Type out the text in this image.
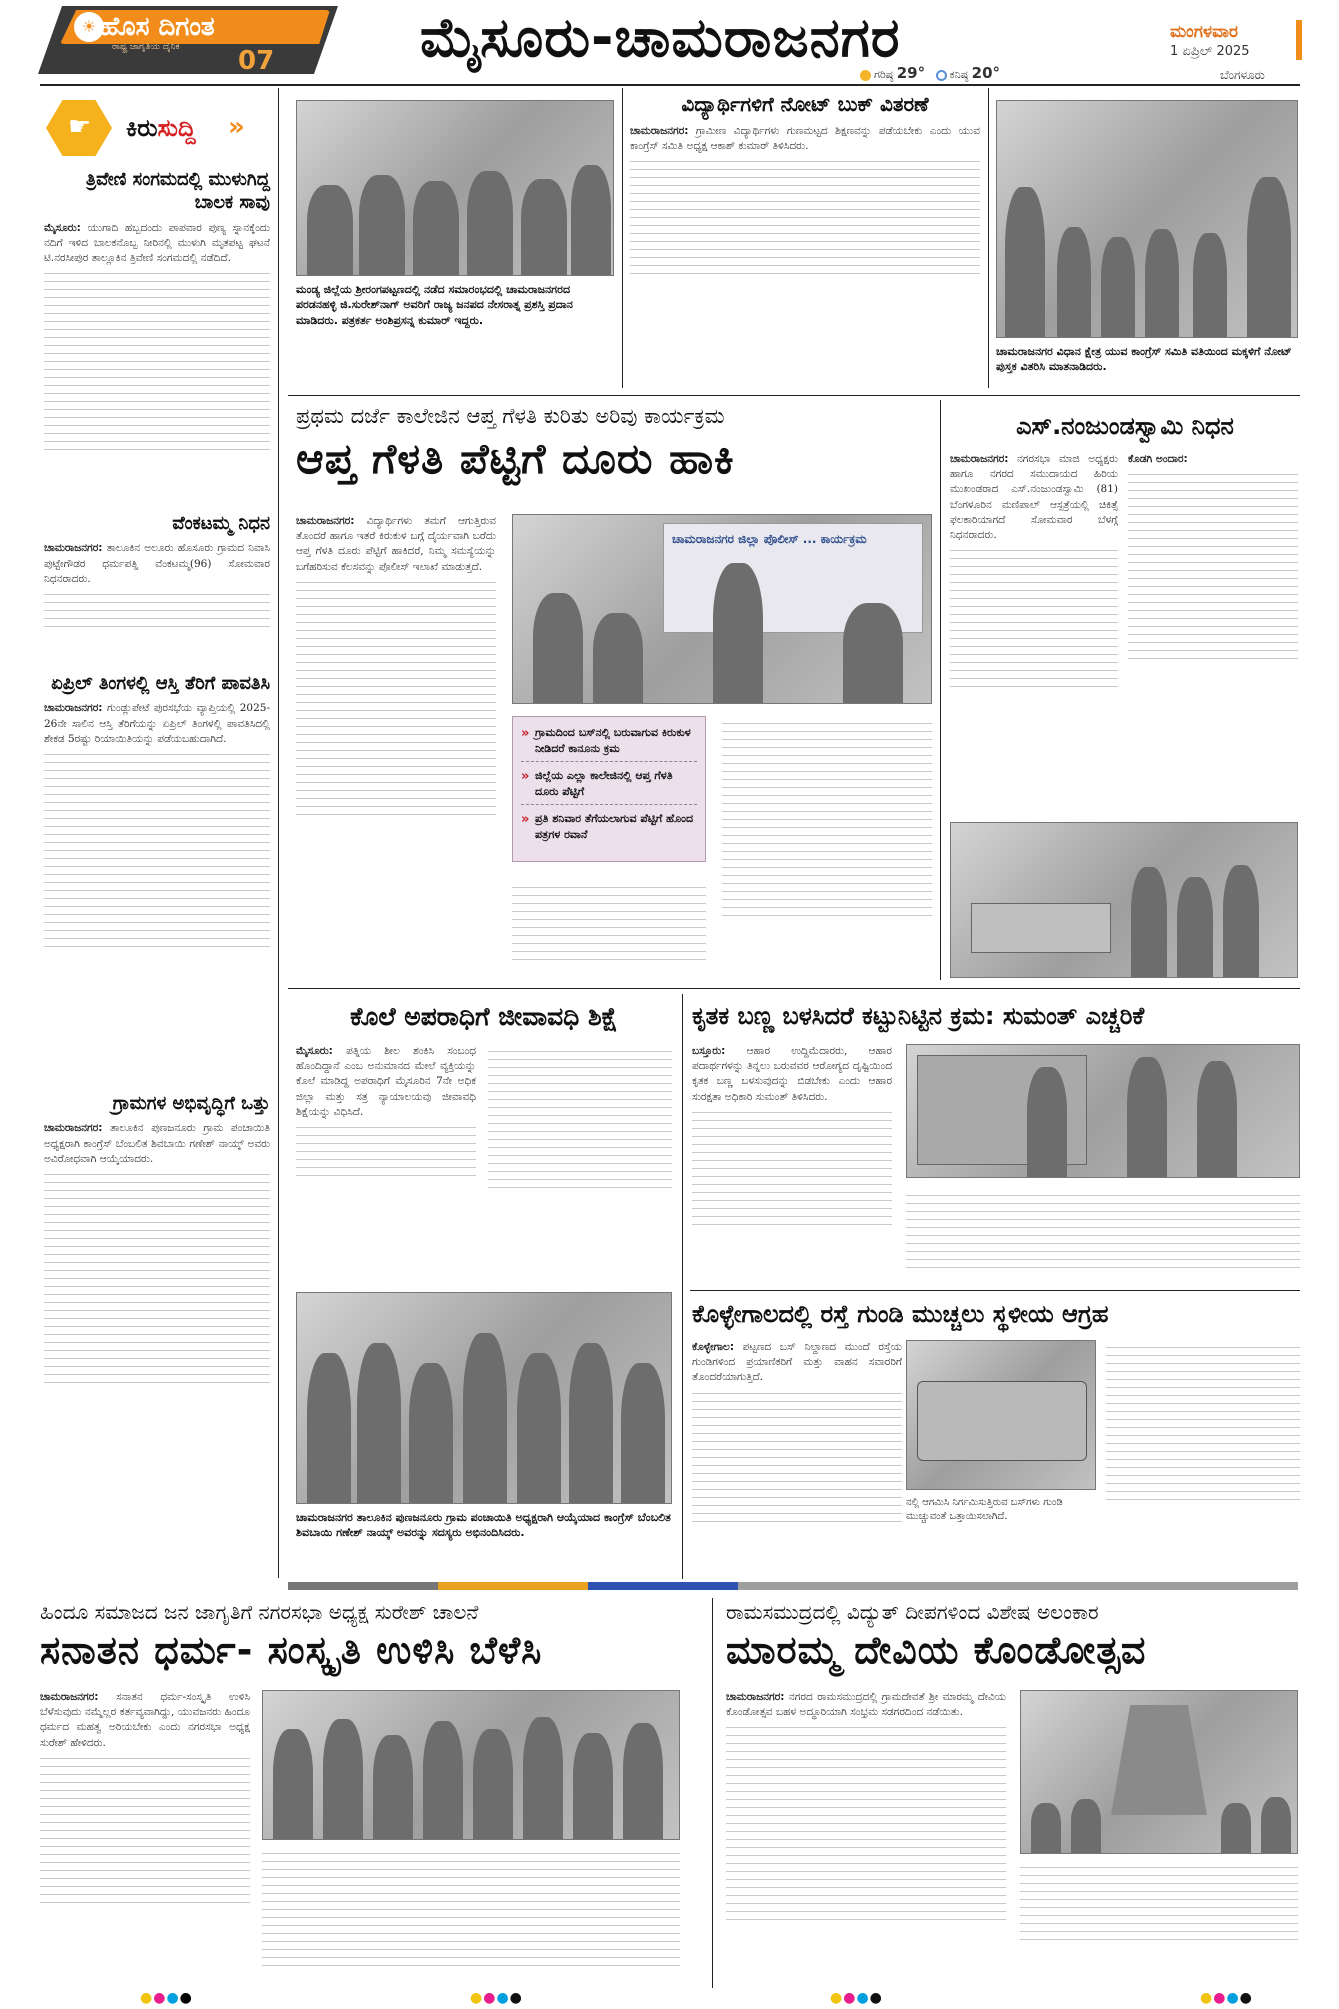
☀ ಹೊಸ ದಿಗಂತ
ರಾಷ್ಟ್ರ ಜಾಗೃತಿಯ ದೈನಿಕ 07	ಮೈಸೂರು-ಚಾಮರಾಜನಗರ	ಮಂಗಳವಾರ
1 ಏಪ್ರಿಲ್ 2025
ಬೆಂಗಳೂರು
ಗರಿಷ್ಠ 29° ಕನಿಷ್ಠ 20°
☛ ಕಿರುಸುದ್ದಿ »
ತ್ರಿವೇಣಿ ಸಂಗಮದಲ್ಲಿ ಮುಳುಗಿದ್ದ ಬಾಲಕ ಸಾವು
ಮೈಸೂರು: ಯುಗಾದಿ ಹಬ್ಬದಂದು ಪಾಪವಾರ ಪುಣ್ಯ ಸ್ನಾನಕ್ಕೆಂದು ನದಿಗೆ ಇಳಿದ ಬಾಲಕನೊಬ್ಬ ನೀರಿನಲ್ಲಿ ಮುಳುಗಿ ಮೃತಪಟ್ಟ ಘಟನೆ ಟಿ.ನರಸೀಪುರ ತಾಲ್ಲೂಕಿನ ತ್ರಿವೇಣಿ ಸಂಗಮದಲ್ಲಿ ನಡೆದಿದೆ.
ವೆಂಕಟಮ್ಮ ನಿಧನ
ಚಾಮರಾಜನಗರ: ತಾಲೂಕಿನ ಅಲೂರು ಹೊಸೂರು ಗ್ರಾಮದ ನಿವಾಸಿ ಪುಟ್ಟೇಗೌಡರ ಧರ್ಮಪತ್ನಿ ವೆಂಕಟಮ್ಮ(96) ಸೋಮವಾರ ನಿಧನರಾದರು.
ಏಪ್ರಿಲ್ ತಿಂಗಳಲ್ಲಿ ಆಸ್ತಿ ತೆರಿಗೆ ಪಾವತಿಸಿ
ಚಾಮರಾಜನಗರ: ಗುಂಡ್ಲುಪೇಟೆ ಪುರಸಭೆಯ ವ್ಯಾಪ್ತಿಯಲ್ಲಿ 2025-26ನೇ ಸಾಲಿನ ಆಸ್ತಿ ತೆರಿಗೆಯನ್ನು ಏಪ್ರಿಲ್ ತಿಂಗಳಲ್ಲಿ ಪಾವತಿಸಿದಲ್ಲಿ ಶೇಕಡ 5ರಷ್ಟು ರಿಯಾಯಿತಿಯನ್ನು ಪಡೆಯಬಹುದಾಗಿದೆ.
ಗ್ರಾಮಗಳ ಅಭಿವೃದ್ಧಿಗೆ ಒತ್ತು
ಚಾಮರಾಜನಗರ: ತಾಲೂಕಿನ ಪುಣಜನೂರು ಗ್ರಾಮ ಪಂಚಾಯಿತಿ ಅಧ್ಯಕ್ಷರಾಗಿ ಕಾಂಗ್ರೆಸ್ ಬೆಂಬಲಿತ ಶಿವಬಾಯಿ ಗಣೇಶ್ ನಾಯ್ಕ್ ಅವರು ಅವಿರೋಧವಾಗಿ ಆಯ್ಕೆಯಾದರು.
ಮಂಡ್ಯ ಜಿಲ್ಲೆಯ ಶ್ರೀರಂಗಪಟ್ಟಣದಲ್ಲಿ ನಡೆದ ಸಮಾರಂಭದಲ್ಲಿ ಚಾಮರಾಜನಗರದ ಪರಡನಹಳ್ಳಿ ಜಿ.ಸುರೇಶ್‌ನಾಗ್ ಅವರಿಗೆ ರಾಜ್ಯ ಜನಪದ ನೇಸರಾತ್ನ ಪ್ರಶಸ್ತಿ ಪ್ರದಾನ ಮಾಡಿದರು. ಪತ್ರಕರ್ತ ಅಂಶಿಪ್ರಸನ್ನ ಕುಮಾರ್ ಇದ್ದರು.
ವಿದ್ಯಾರ್ಥಿಗಳಿಗೆ ನೋಟ್ ಬುಕ್ ವಿತರಣೆ
ಚಾಮರಾಜನಗರ: ಗ್ರಾಮೀಣ ವಿದ್ಯಾರ್ಥಿಗಳು ಗುಣಮಟ್ಟದ ಶಿಕ್ಷಣವನ್ನು ಪಡೆಯಬೇಕು ಎಂದು ಯುವ ಕಾಂಗ್ರೆಸ್ ಸಮಿತಿ ಅಧ್ಯಕ್ಷ ಆಕಾಶ್ ಕುಮಾರ್ ತಿಳಿಸಿದರು.
ಚಾಮರಾಜನಗರ ವಿಧಾನ ಕ್ಷೇತ್ರ ಯುವ ಕಾಂಗ್ರೆಸ್ ಸಮಿತಿ ವತಿಯಿಂದ ಮಕ್ಕಳಿಗೆ ನೋಟ್ ಪುಸ್ತಕ ವಿತರಿಸಿ ಮಾತನಾಡಿದರು.
ಪ್ರಥಮ ದರ್ಜೆ ಕಾಲೇಜಿನ ಆಪ್ತ ಗೆಳತಿ ಕುರಿತು ಅರಿವು ಕಾರ್ಯಕ್ರಮ
ಆಪ್ತ ಗೆಳತಿ ಪೆಟ್ಟಿಗೆ ದೂರು ಹಾಕಿ
ಚಾಮರಾಜನಗರ: ವಿದ್ಯಾರ್ಥಿಗಳು ತಮಗೆ ಆಗುತ್ತಿರುವ ತೊಂದರೆ ಹಾಗೂ ಇತರೆ ಕಿರುಕುಳ ಬಗ್ಗೆ ದೈರ್ಯವಾಗಿ ಬರೆದು ಆಪ್ತ ಗೆಳತಿ ದೂರು ಪೆಟ್ಟಿಗೆ ಹಾಕಿದರೆ, ನಿಮ್ಮ ಸಮಸ್ಯೆಯನ್ನು ಬಗೆಹರಿಸುವ ಕೆಲಸವನ್ನು ಪೊಲೀಸ್ ಇಲಾಖೆ ಮಾಡುತ್ತದೆ.
ಚಾಮರಾಜನಗರ ಜಿಲ್ಲಾ ಪೊಲೀಸ್ ... ಕಾರ್ಯಕ್ರಮ
» ಗ್ರಾಮದಿಂದ ಬಸ್‌ನಲ್ಲಿ ಬರುವಾಗುವ ಕಿರುಕುಳ ನೀಡಿದರೆ ಕಾನೂನು ಕ್ರಮ
» ಜಿಲ್ಲೆಯ ಎಲ್ಲಾ ಕಾಲೇಜಿನಲ್ಲಿ ಆಪ್ತ ಗೆಳತಿ ದೂರು ಪೆಟ್ಟಿಗೆ
» ಪ್ರತಿ ಶನಿವಾರ ತೆಗೆಯಲಾಗುವ ಪೆಟ್ಟಿಗೆ ಹೊಂದ ಪತ್ರಗಳ ರವಾನೆ
ಎಸ್.ನಂಜುಂಡಸ್ವಾಮಿ ನಿಧನ
ಚಾಮರಾಜನಗರ: ನಗರಸಭಾ ಮಾಜಿ ಅಧ್ಯಕ್ಷರು ಹಾಗೂ ನಗರದ ಸಮುದಾಯದ ಹಿರಿಯ ಮುಖಂಡರಾದ ಎಸ್.ನಂಜುಂಡಸ್ವಾಮಿ (81) ಬೆಂಗಳೂರಿನ ಮಣಿಪಾಲ್ ಆಸ್ಪತ್ರೆಯಲ್ಲಿ ಚಿಕಿತ್ಸೆ ಫಲಕಾರಿಯಾಗದೆ ಸೋಮವಾರ ಬೆಳಗ್ಗೆ ನಿಧನರಾದರು.
ಕೊಡಗಿ ಅಂದಾರ:
ಕೊಲೆ ಅಪರಾಧಿಗೆ ಜೀವಾವಧಿ ಶಿಕ್ಷೆ
ಮೈಸೂರು: ಪತ್ನಿಯ ಶೀಲ ಶಂಕಿಸಿ ಸಂಬಂಧ ಹೊಂದಿದ್ದಾನೆ ಎಂಬ ಅನುಮಾನದ ಮೇಲೆ ವ್ಯಕ್ತಿಯನ್ನು ಕೊಲೆ ಮಾಡಿದ್ದ ಅಪರಾಧಿಗೆ ಮೈಸೂರಿನ 7ನೇ ಅಧಿಕ ಜಿಲ್ಲಾ ಮತ್ತು ಸತ್ರ ನ್ಯಾಯಾಲಯವು ಜೀವಾವಧಿ ಶಿಕ್ಷೆಯನ್ನು ವಿಧಿಸಿದೆ.
ಚಾಮರಾಜನಗರ ತಾಲೂಕಿನ ಪುಣಜನೂರು ಗ್ರಾಮ ಪಂಚಾಯಿತಿ ಅಧ್ಯಕ್ಷರಾಗಿ ಆಯ್ಕೆಯಾದ ಕಾಂಗ್ರೆಸ್ ಬೆಂಬಲಿತ ಶಿವಬಾಯಿ ಗಣೇಶ್ ನಾಯ್ಕ್ ಅವರನ್ನು ಸದಸ್ಯರು ಅಭಿನಂದಿಸಿದರು.
ಕೃತಕ ಬಣ್ಣ ಬಳಸಿದರೆ ಕಟ್ಟುನಿಟ್ಟಿನ ಕ್ರಮ: ಸುಮಂತ್ ಎಚ್ಚರಿಕೆ
ಬಸ್ತೂರು: ಆಹಾರ ಉದ್ದಿಮೆದಾರರು, ಆಹಾರ ಪದಾರ್ಥಗಳನ್ನು ತಿನ್ನಲು ಬರುವವರ ಆರೋಗ್ಯದ ದೃಷ್ಟಿಯಿಂದ ಕೃತಕ ಬಣ್ಣ ಬಳಸುವುದನ್ನು ಬಿಡಬೇಕು ಎಂದು ಆಹಾರ ಸುರಕ್ಷತಾ ಅಧಿಕಾರಿ ಸುಮಂತ್ ತಿಳಿಸಿದರು.
ಕೊಳ್ಳೇಗಾಲದಲ್ಲಿ ರಸ್ತೆ ಗುಂಡಿ ಮುಚ್ಚಲು ಸ್ಥಳೀಯ ಆಗ್ರಹ
ಕೊಳ್ಳೇಗಾಲ: ಪಟ್ಟಣದ ಬಸ್ ನಿಲ್ದಾಣದ ಮುಂದೆ ರಸ್ತೆಯ ಗುಂಡಿಗಳಿಂದ ಪ್ರಯಾಣಿಕರಿಗೆ ಮತ್ತು ವಾಹನ ಸವಾರರಿಗೆ ತೊಂದರೆಯಾಗುತ್ತಿದೆ.
ನಲ್ಲಿ ಆಗಮಿಸಿ ನಿರ್ಗಮಿಸುತ್ತಿರುವ ಬಸ್‌ಗಳು ಗುಂಡಿ ಮುಚ್ಚುವಂತೆ ಒತ್ತಾಯಿಸಲಾಗಿದೆ.
ಹಿಂದೂ ಸಮಾಜದ ಜನ ಜಾಗೃತಿಗೆ ನಗರಸಭಾ ಅಧ್ಯಕ್ಷ ಸುರೇಶ್ ಚಾಲನೆ
ಸನಾತನ ಧರ್ಮ- ಸಂಸ್ಕೃತಿ ಉಳಿಸಿ ಬೆಳೆಸಿ
ಚಾಮರಾಜನಗರ: ಸನಾತನ ಧರ್ಮ-ಸಂಸ್ಕೃತಿ ಉಳಿಸಿ ಬೆಳೆಸುವುದು ನಮ್ಮೆಲ್ಲರ ಕರ್ತವ್ಯವಾಗಿದ್ದು, ಯುವಜನರು ಹಿಂದೂ ಧರ್ಮದ ಮಹತ್ವ ಅರಿಯಬೇಕು ಎಂದು ನಗರಸಭಾ ಅಧ್ಯಕ್ಷ ಸುರೇಶ್ ಹೇಳಿದರು.
ರಾಮಸಮುದ್ರದಲ್ಲಿ ವಿದ್ಯುತ್ ದೀಪಗಳಿಂದ ವಿಶೇಷ ಅಲಂಕಾರ
ಮಾರಮ್ಮ ದೇವಿಯ ಕೊಂಡೋತ್ಸವ
ಚಾಮರಾಜನಗರ: ನಗರದ ರಾಮಸಮುದ್ರದಲ್ಲಿ ಗ್ರಾಮದೇವತೆ ಶ್ರೀ ಮಾರಮ್ಮ ದೇವಿಯ ಕೊಂಡೋತ್ಸವ ಬಹಳ ಅದ್ಧೂರಿಯಾಗಿ ಸಂಭ್ರಮ ಸಡಗರದಿಂದ ನಡೆಯಿತು.
●●●●	●●●●	●●●●	●●●●
